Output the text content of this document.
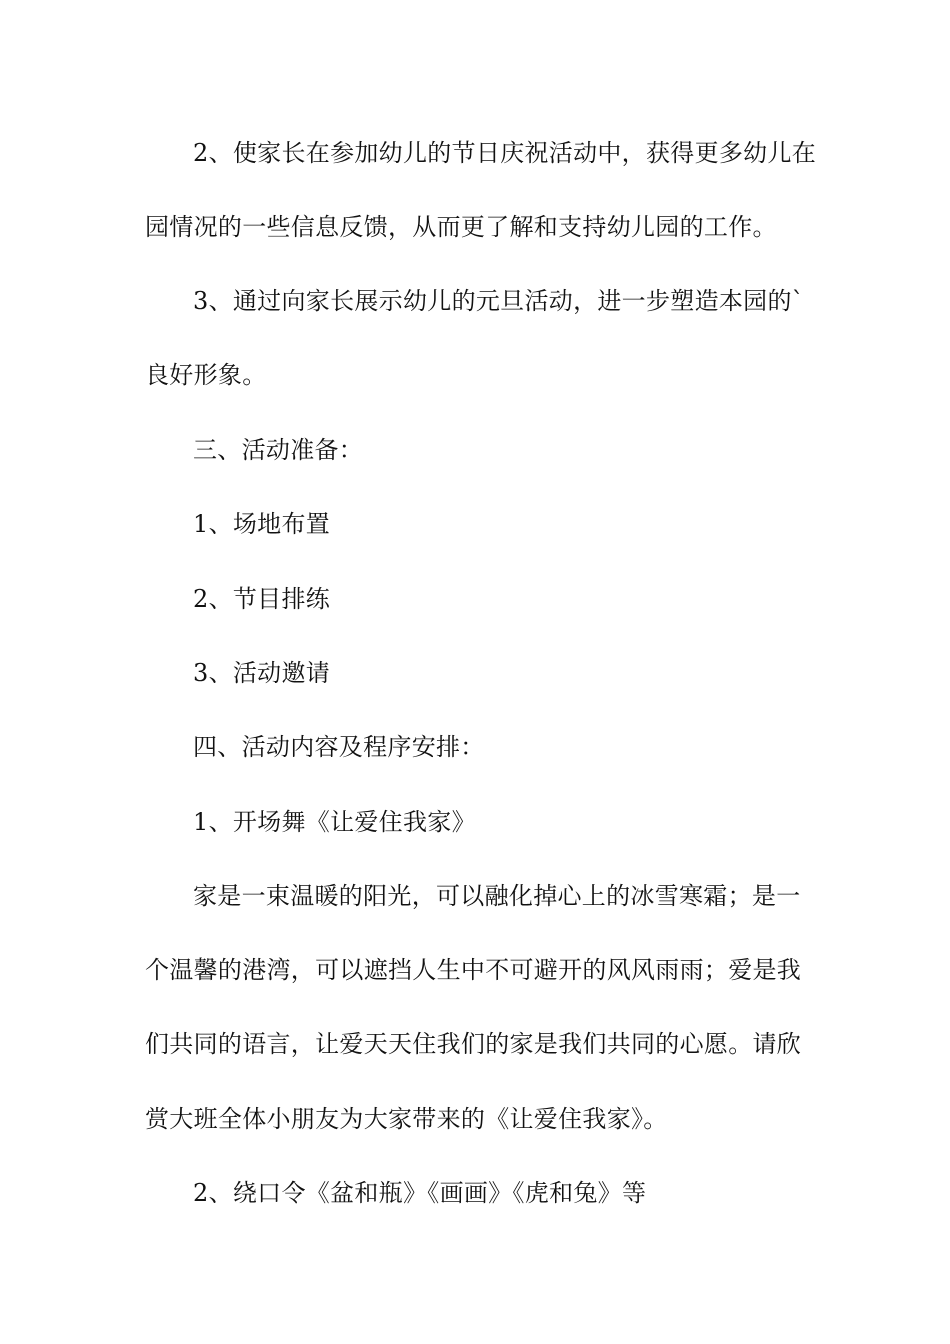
2、使家长在参加幼儿的节日庆祝活动中，获得更多幼儿在
园情况的一些信息反馈，从而更了解和支持幼儿园的工作。
3、通过向家长展示幼儿的元旦活动，进一步塑造本园的`
良好形象。
三、活动准备：
1、场地布置
2、节目排练
3、活动邀请
四、活动内容及程序安排：
1、开场舞《让爱住我家》
家是一束温暖的阳光，可以融化掉心上的冰雪寒霜；是一
个温馨的港湾，可以遮挡人生中不可避开的风风雨雨；爱是我
们共同的语言，让爱天天住我们的家是我们共同的心愿。请欣
赏大班全体小朋友为大家带来的《让爱住我家》。
2、绕口令《盆和瓶》《画画》《虎和兔》等
